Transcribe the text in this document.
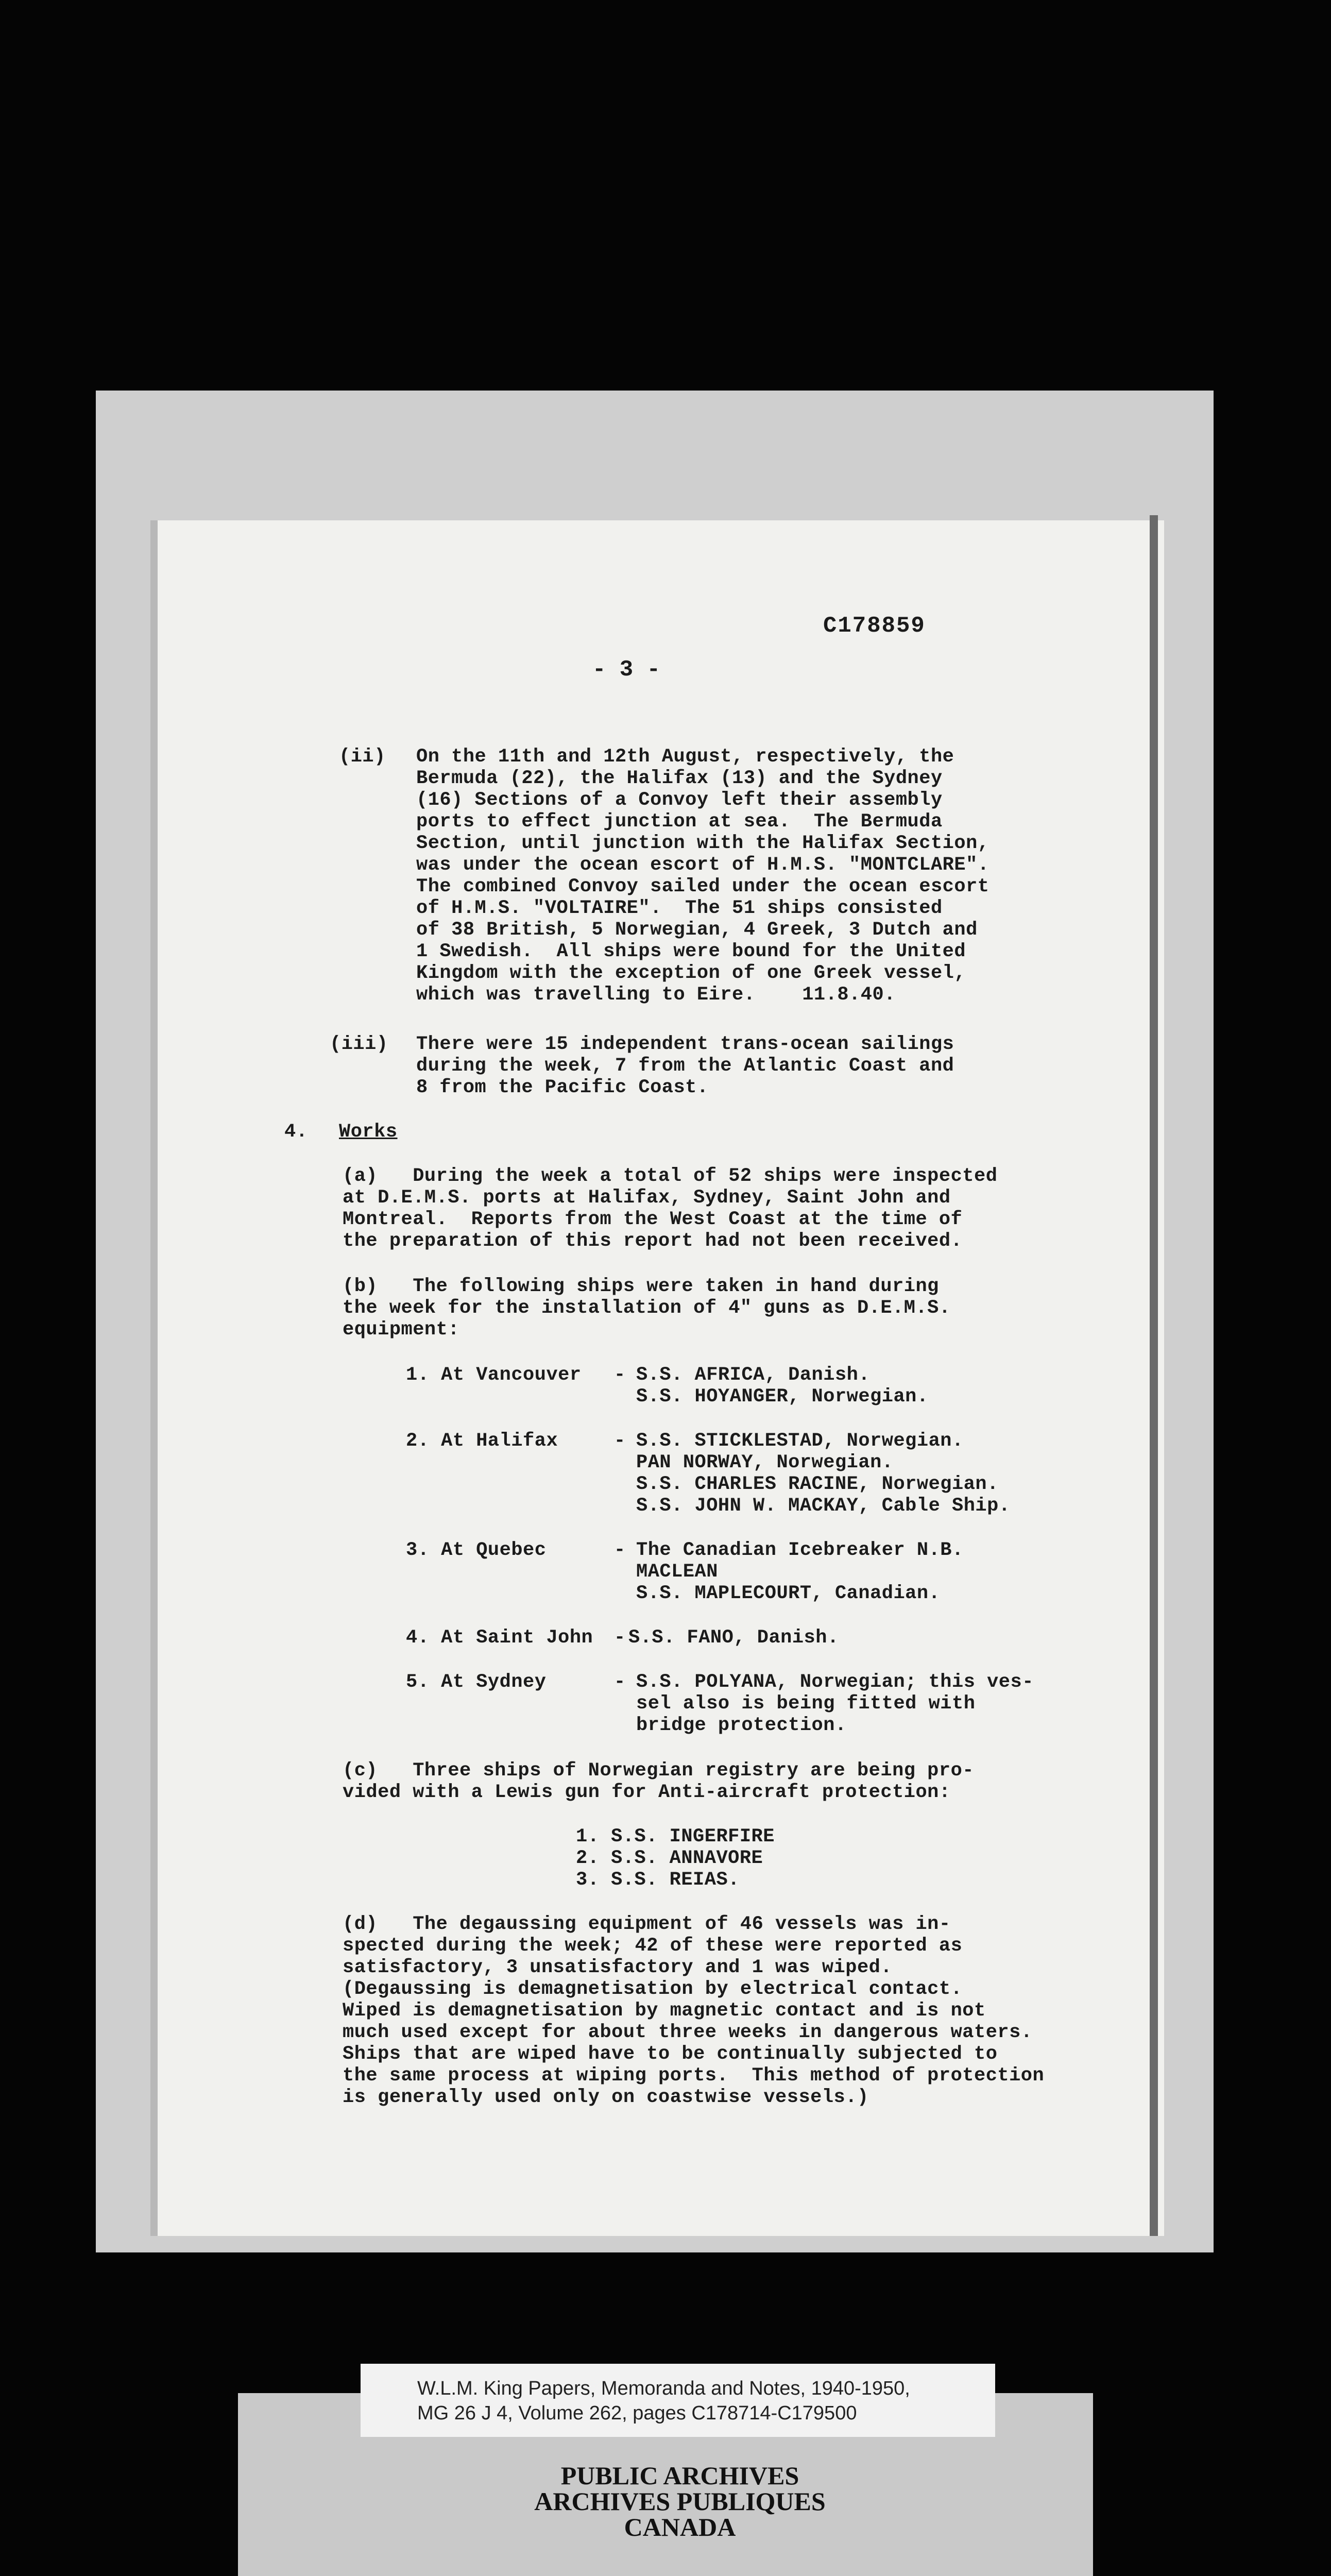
C178859
- 3 -
(ii) On the 11th and 12th August, respectively, the
Bermuda (22), the Halifax (13) and the Sydney
(16) Sections of a Convoy left their assembly
ports to effect junction at sea.  The Bermuda
Section, until junction with the Halifax Section,
was under the ocean escort of H.M.S. "MONTCLARE".
The combined Convoy sailed under the ocean escort
of H.M.S. "VOLTAIRE".  The 51 ships consisted
of 38 British, 5 Norwegian, 4 Greek, 3 Dutch and
1 Swedish.  All ships were bound for the United
Kingdom with the exception of one Greek vessel,
which was travelling to Eire.    11.8.40.
(iii) There were 15 independent trans-ocean sailings
during the week, 7 from the Atlantic Coast and
8 from the Pacific Coast.
4. Works
(a)   During the week a total of 52 ships were inspected
at D.E.M.S. ports at Halifax, Sydney, Saint John and
Montreal.  Reports from the West Coast at the time of
the preparation of this report had not been received.
(b)   The following ships were taken in hand during
the week for the installation of 4" guns as D.E.M.S.
equipment:
1. At Vancouver - S.S. AFRICA, Danish.
S.S. HOYANGER, Norwegian.
2. At Halifax	- S.S. STICKLESTAD, Norwegian.
PAN NORWAY, Norwegian.
S.S. CHARLES RACINE, Norwegian.
S.S. JOHN W. MACKAY, Cable Ship.
3. At Quebec	- The Canadian Icebreaker N.B.
MACLEAN
S.S. MAPLECOURT, Canadian.
4. At Saint John - S.S. FANO, Danish.
5. At Sydney	- S.S. POLYANA, Norwegian; this ves-
sel also is being fitted with
bridge protection.
(c)   Three ships of Norwegian registry are being pro-
vided with a Lewis gun for Anti-aircraft protection:
1. S.S. INGERFIRE
2. S.S. ANNAVORE
3. S.S. REIAS.
(d)   The degaussing equipment of 46 vessels was in-
spected during the week; 42 of these were reported as
satisfactory, 3 unsatisfactory and 1 was wiped.
(Degaussing is demagnetisation by electrical contact.
Wiped is demagnetisation by magnetic contact and is not
much used except for about three weeks in dangerous waters.
Ships that are wiped have to be continually subjected to
the same process at wiping ports.  This method of protection
is generally used only on coastwise vessels.)
W.L.M. King Papers, Memoranda and Notes, 1940-1950,
MG 26 J 4, Volume 262, pages C178714-C179500
PUBLIC ARCHIVES
ARCHIVES PUBLIQUES
CANADA
